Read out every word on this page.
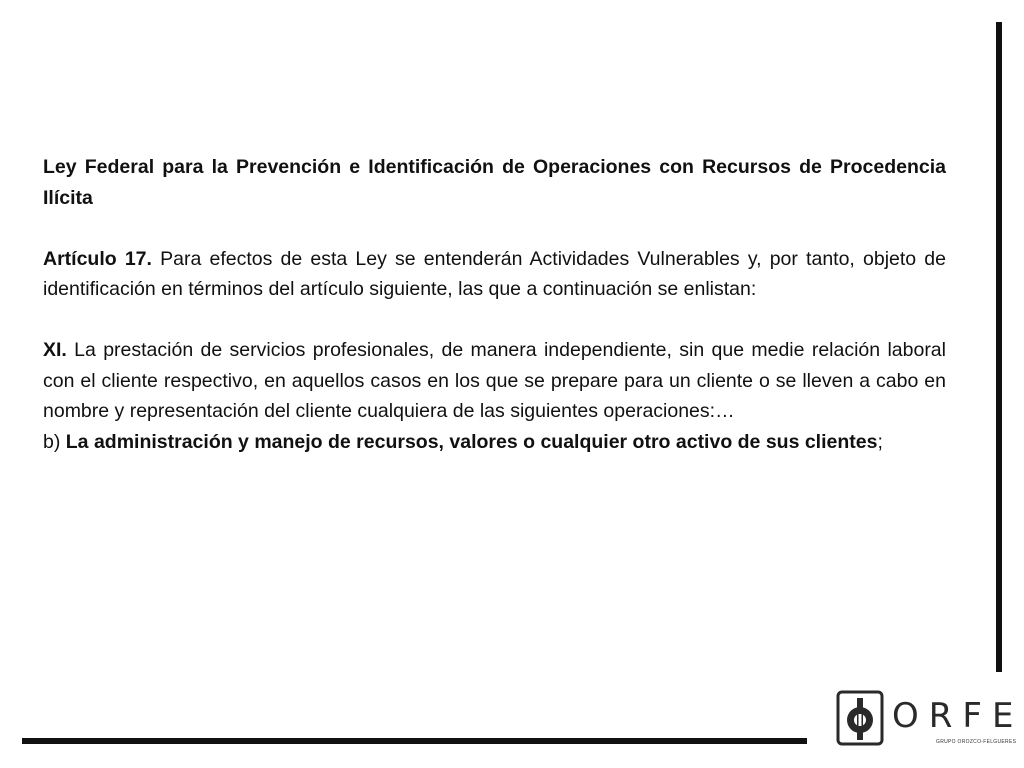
Ley Federal para la Prevención e Identificación de Operaciones con Recursos de Procedencia Ilícita

Artículo 17. Para efectos de esta Ley se entenderán Actividades Vulnerables y, por tanto, objeto de identificación en términos del artículo siguiente, las que a continuación se enlistan:

XI. La prestación de servicios profesionales, de manera independiente, sin que medie relación laboral con el cliente respectivo, en aquellos casos en los que se prepare para un cliente o se lleven a cabo en nombre y representación del cliente cualquiera de las siguientes operaciones:…

b) La administración y manejo de recursos, valores o cualquier otro activo de sus clientes;

ORFE
GRUPO OROZCO-FELGUERES
